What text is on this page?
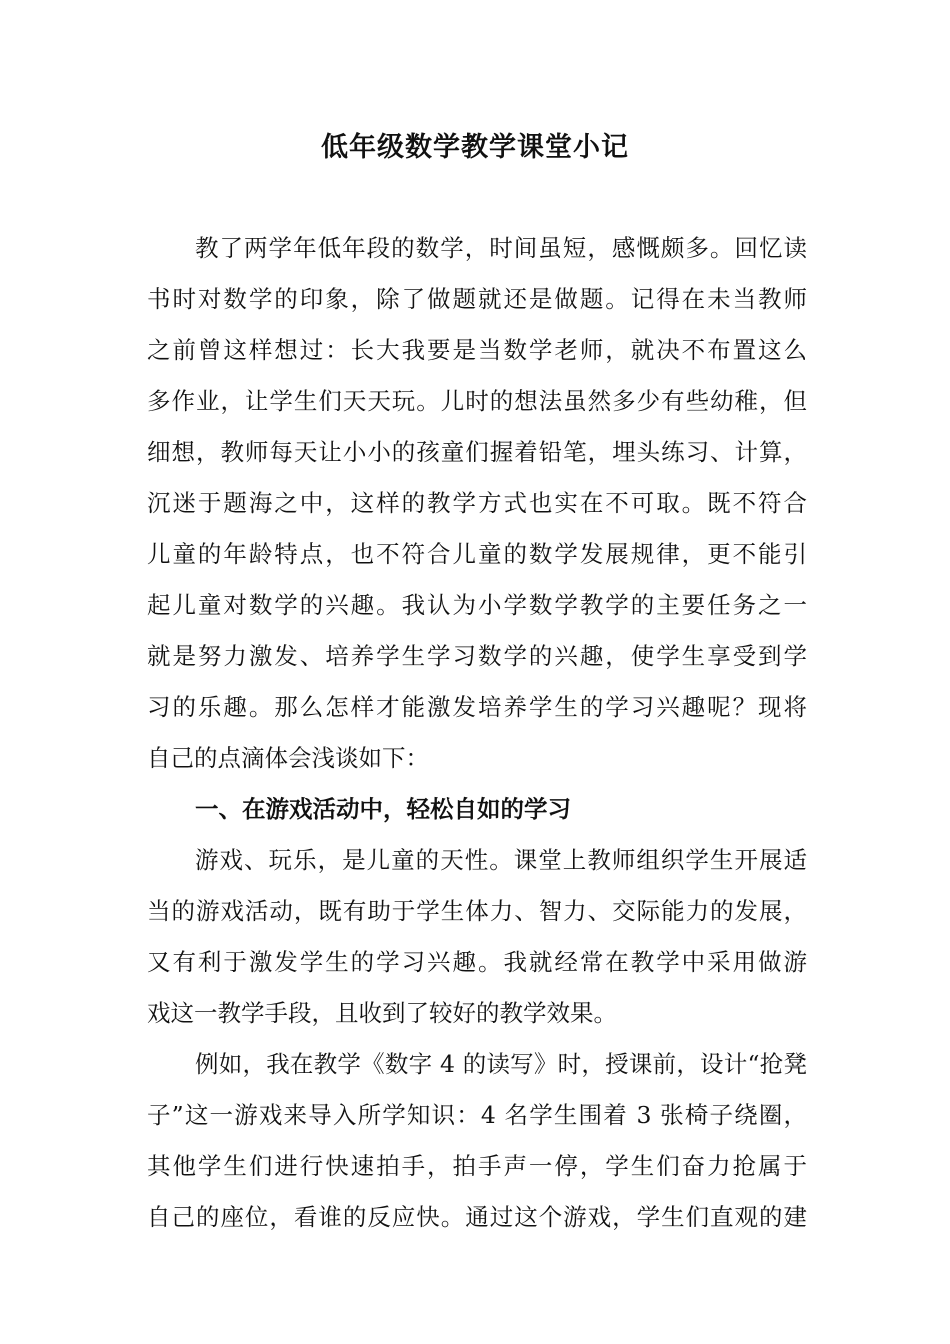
低年级数学教学课堂小记
教了两学年低年段的数学，时间虽短，感慨颇多。回忆读
书时对数学的印象，除了做题就还是做题。记得在未当教师
之前曾这样想过：长大我要是当数学老师，就决不布置这么
多作业，让学生们天天玩。儿时的想法虽然多少有些幼稚，但
细想，教师每天让小小的孩童们握着铅笔，埋头练习、计算，
沉迷于题海之中，这样的教学方式也实在不可取。既不符合
儿童的年龄特点，也不符合儿童的数学发展规律，更不能引
起儿童对数学的兴趣。我认为小学数学教学的主要任务之一
就是努力激发、培养学生学习数学的兴趣，使学生享受到学
习的乐趣。那么怎样才能激发培养学生的学习兴趣呢？现将
自己的点滴体会浅谈如下：
一、在游戏活动中，轻松自如的学习
游戏、玩乐，是儿童的天性。课堂上教师组织学生开展适
当的游戏活动，既有助于学生体力、智力、交际能力的发展，
又有利于激发学生的学习兴趣。我就经常在教学中采用做游
戏这一教学手段，且收到了较好的教学效果。
例如，我在教学《数字 4 的读写》时，授课前，设计“抢凳
子”这一游戏来导入所学知识：4 名学生围着 3 张椅子绕圈，
其他学生们进行快速拍手，拍手声一停，学生们奋力抢属于
自己的座位，看谁的反应快。通过这个游戏，学生们直观的建
